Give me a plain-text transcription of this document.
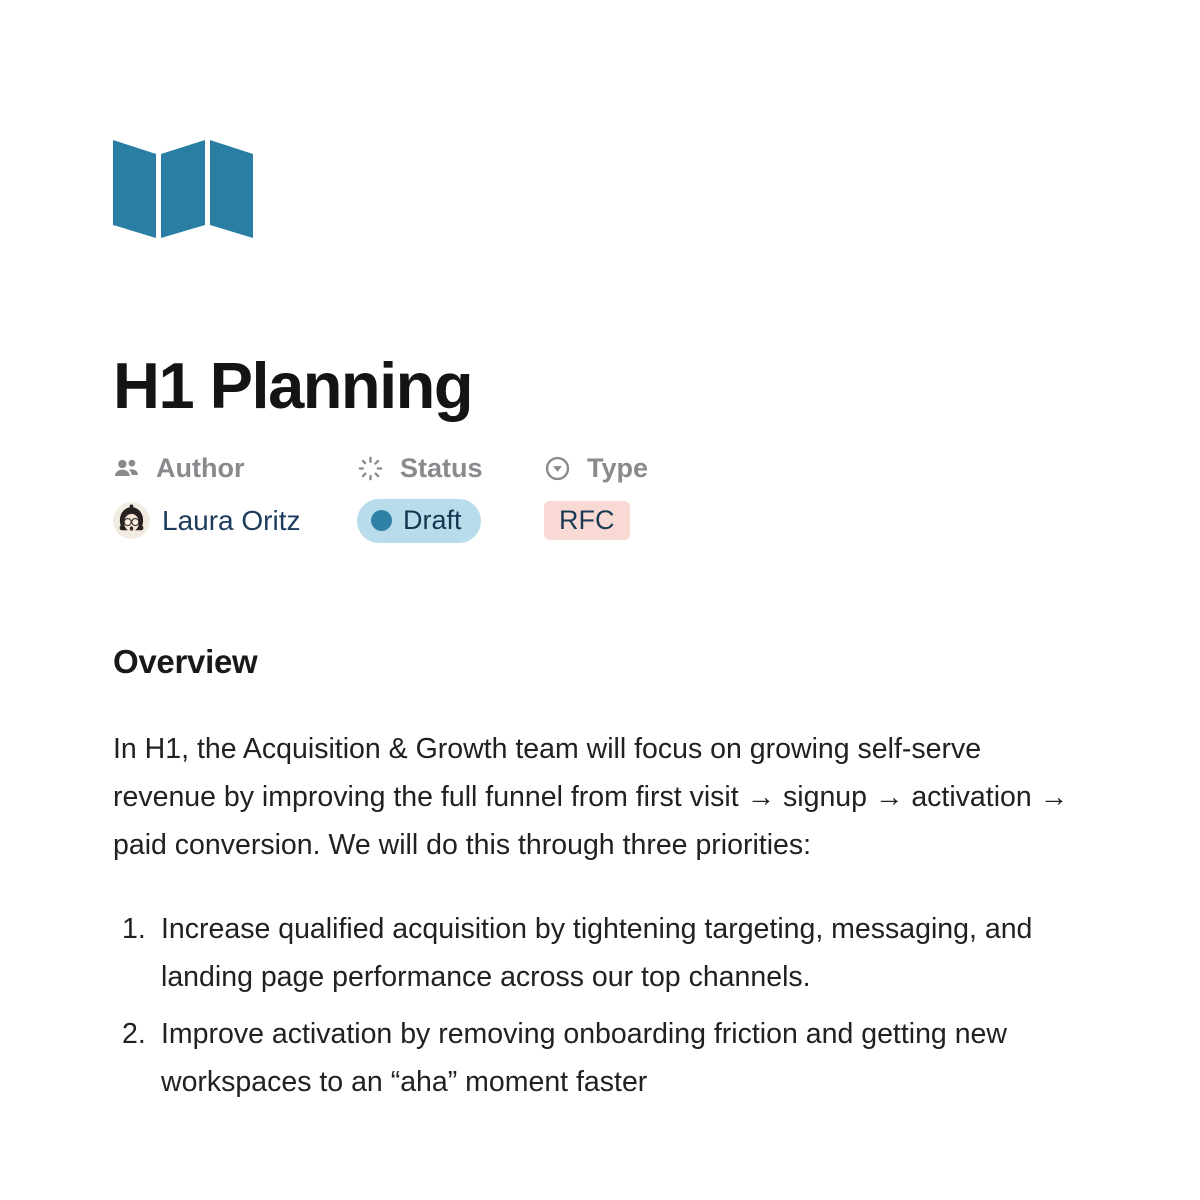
H1 Planning
Author
Laura Oritz
Status
Draft
Type
RFC
Overview

In H1, the Acquisition & Growth team will focus on growing self-serve revenue by improving the full funnel from first visit → signup → activation → paid conversion. We will do this through three priorities:

1. Increase qualified acquisition by tightening targeting, messaging, and landing page performance across our top channels.
2. Improve activation by removing onboarding friction and getting new workspaces to an “aha” moment faster
